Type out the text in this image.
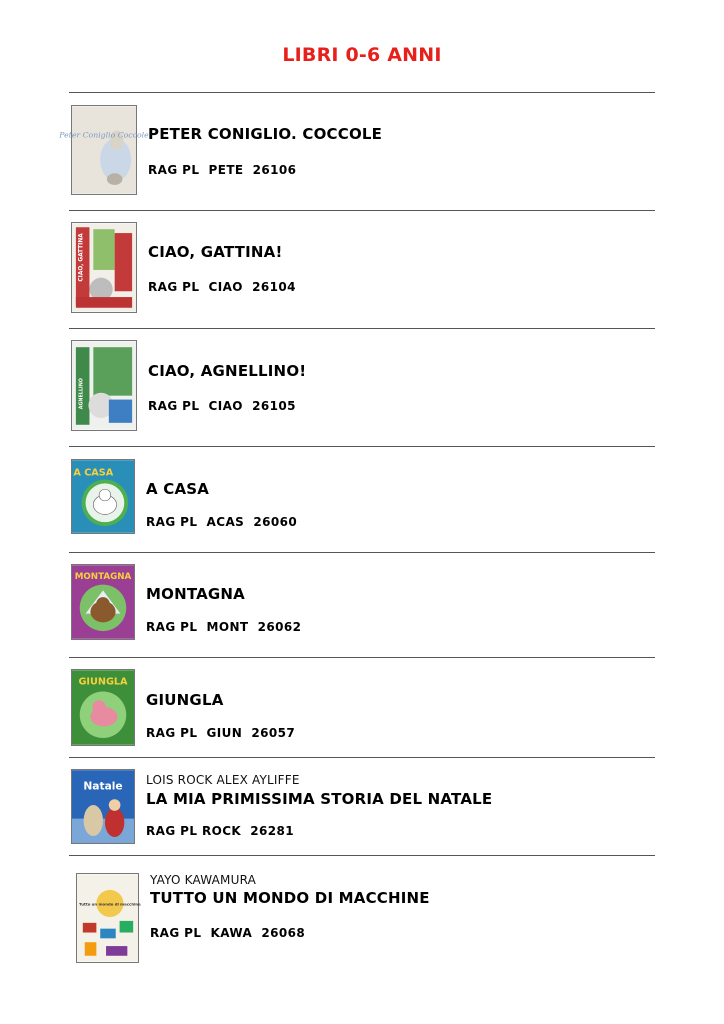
LIBRI 0-6 ANNI
Peter Coniglio Coccole PETER CONIGLIO. COCCOLE
RAG PL  PETE  26106
CIAO, GATTINA	CIAO, GATTINA!
RAG PL  CIAO  26104
AGNELLINO
CIAO, AGNELLINO!
RAG PL  CIAO  26105
A CASA
A CASA
RAG PL  ACAS  26060
MONTAGNA
MONTAGNA
RAG PL  MONT  26062
GIUNGLA
GIUNGLA
RAG PL  GIUN  26057
Natale LOIS ROCK ALEX AYLIFFE
LA MIA PRIMISSIMA STORIA DEL NATALE
RAG PL ROCK  26281
Tutto un mondo di macchine
YAYO KAWAMURA
TUTTO UN MONDO DI MACCHINE
RAG PL  KAWA  26068
